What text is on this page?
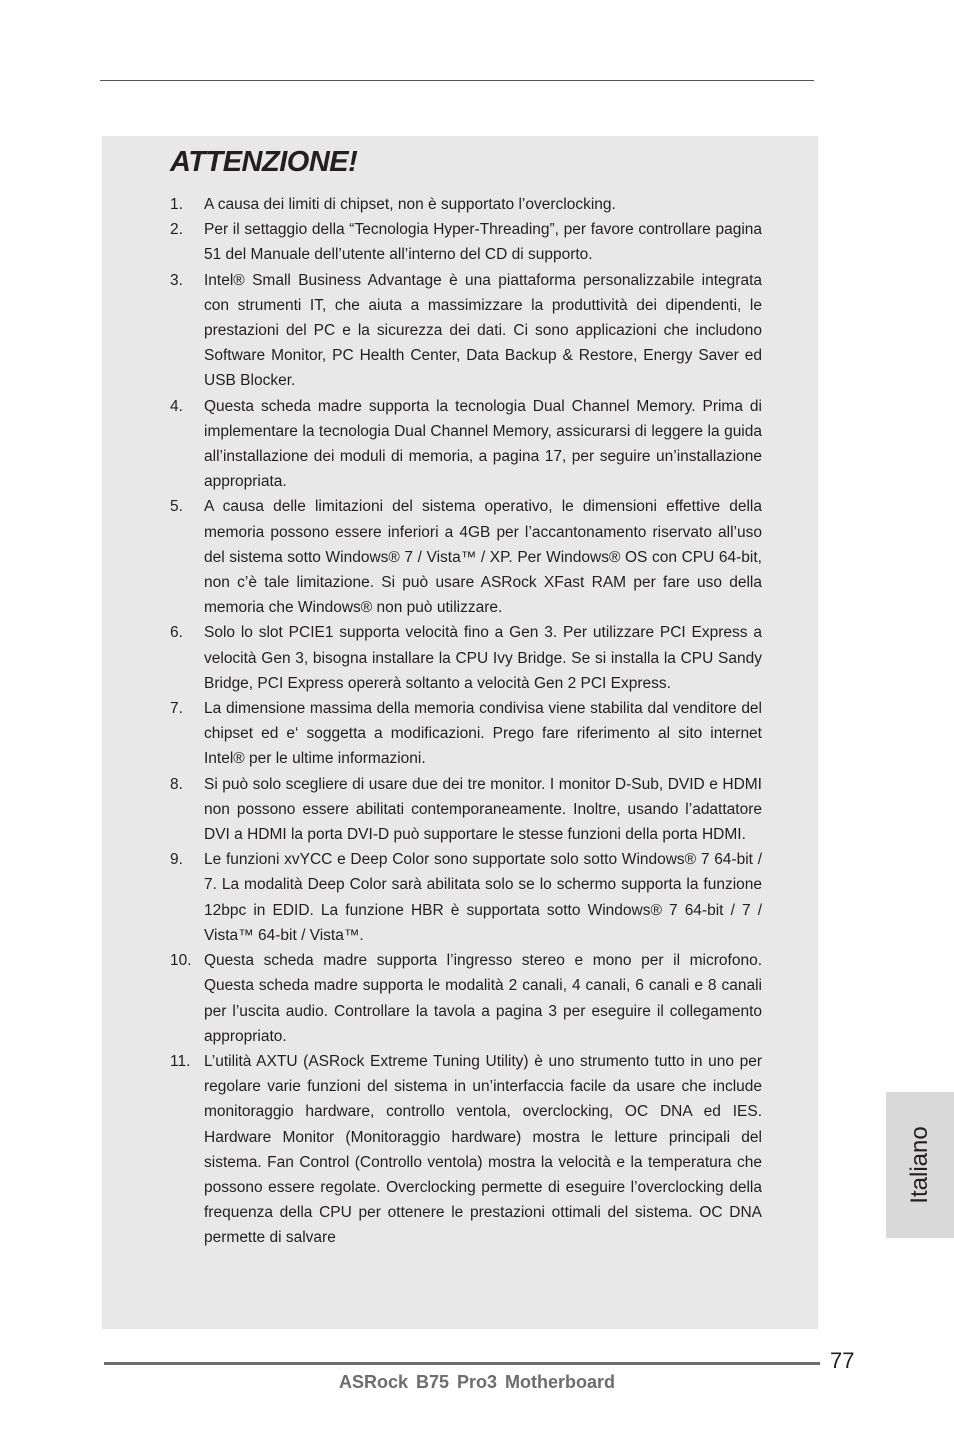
ATTENZIONE!
1. A causa dei limiti di chipset, non è supportato l’overclocking.
2. Per il settaggio della “Tecnologia Hyper-Threading”, per favore controllare pagina 51 del Manuale dell’utente all’interno del CD di supporto.
3. Intel® Small Business Advantage è una piattaforma personalizzabile integrata con strumenti IT, che aiuta a massimizzare la produttività dei dipendenti, le prestazioni del PC e la sicurezza dei dati. Ci sono applicazioni che includono Software Monitor, PC Health Center, Data Backup & Restore, Energy Saver ed USB Blocker.
4. Questa scheda madre supporta la tecnologia Dual Channel Memory. Prima di implementare la tecnologia Dual Channel Memory, assicurarsi di leggere la guida all’installazione dei moduli di memoria, a pagina 17, per seguire un’installazione appropriata.
5. A causa delle limitazioni del sistema operativo, le dimensioni effettive della memoria possono essere inferiori a 4GB per l’accantonamento riservato all’uso del sistema sotto Windows® 7 / Vista™ / XP. Per Windows® OS con CPU 64-bit, non c’è tale limitazione. Si può usare ASRock XFast RAM per fare uso della memoria che Windows® non può utilizzare.
6. Solo lo slot PCIE1 supporta velocità fino a Gen 3. Per utilizzare PCI Express a velocità Gen 3, bisogna installare la CPU Ivy Bridge. Se si installa la CPU Sandy Bridge, PCI Express opererà soltanto a velocità Gen 2 PCI Express.
7. La dimensione massima della memoria condivisa viene stabilita dal venditore del chipset ed e‘ soggetta a modificazioni. Prego fare riferimento al sito internet Intel® per le ultime informazioni.
8. Si può solo scegliere di usare due dei tre monitor. I monitor D-Sub, DVID e HDMI non possono essere abilitati contemporaneamente. Inoltre, usando l’adattatore DVI a HDMI la porta DVI-D può supportare le stesse funzioni della porta HDMI.
9. Le funzioni xvYCC e Deep Color sono supportate solo sotto Windows® 7 64-bit / 7. La modalità Deep Color sarà abilitata solo se lo schermo supporta la funzione 12bpc in EDID. La funzione HBR è supportata sotto Windows® 7 64-bit / 7 / Vista™ 64-bit / Vista™.
10. Questa scheda madre supporta l’ingresso stereo e mono per il microfono. Questa scheda madre supporta le modalità 2 canali, 4 canali, 6 canali e 8 canali per l’uscita audio. Controllare la tavola a pagina 3 per eseguire il collegamento appropriato.
11. L’utilità AXTU (ASRock Extreme Tuning Utility) è uno strumento tutto in uno per regolare varie funzioni del sistema in un’interfaccia facile da usare che include monitoraggio hardware, controllo ventola, overclocking, OC DNA ed IES. Hardware Monitor (Monitoraggio hardware) mostra le letture principali del sistema. Fan Control (Controllo ventola) mostra la velocità e la temperatura che possono essere regolate. Overclocking permette di eseguire l’overclocking della frequenza della CPU per ottenere le prestazioni ottimali del sistema. OC DNA permette di salvare
Italiano
77
ASRock B75 Pro3 Motherboard
